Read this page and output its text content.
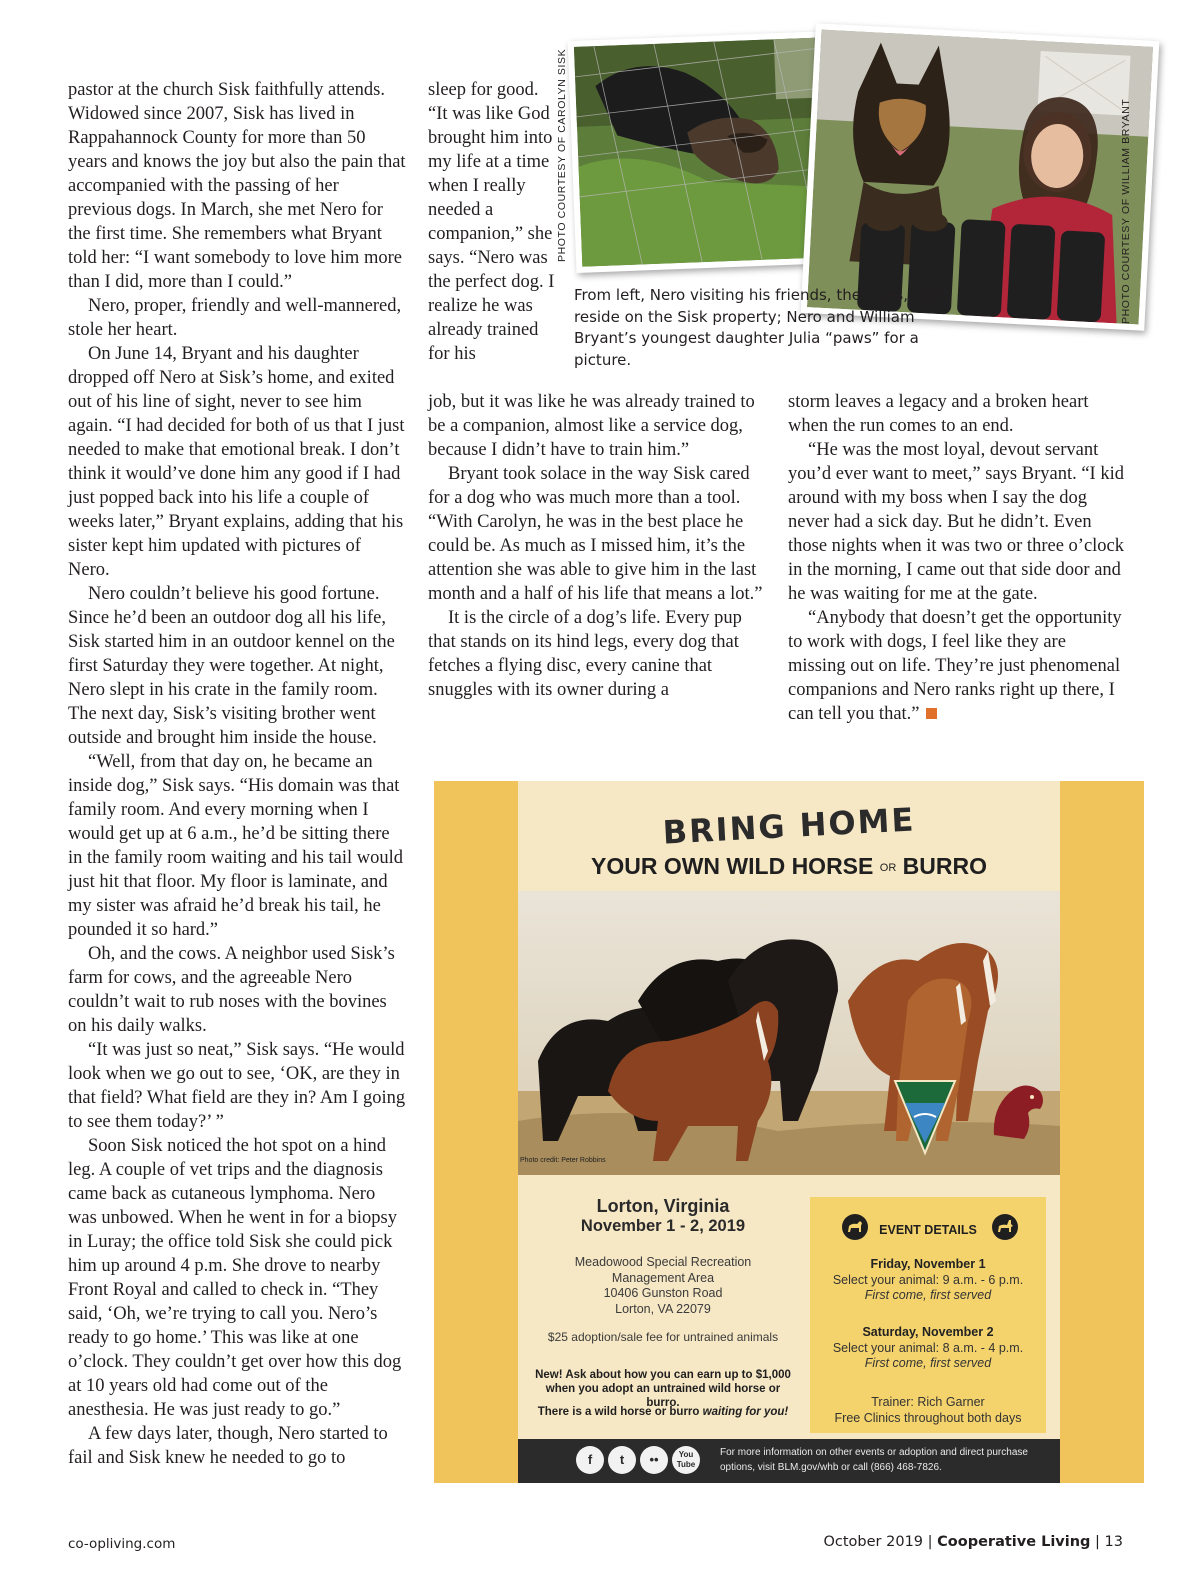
pastor at the church Sisk faithfully attends. Widowed since 2007, Sisk has lived in Rappahannock County for more than 50 years and knows the joy but also the pain that accompanied with the passing of her previous dogs. In March, she met Nero for the first time. She remembers what Bryant told her: “I want somebody to love him more than I did, more than I could.”

Nero, proper, friendly and well-mannered, stole her heart.

On June 14, Bryant and his daughter dropped off Nero at Sisk’s home, and exited out of his line of sight, never to see him again. “I had decided for both of us that I just needed to make that emotional break. I don’t think it would’ve done him any good if I had just popped back into his life a couple of weeks later,” Bryant explains, adding that his sister kept him updated with pictures of Nero.

Nero couldn’t believe his good fortune. Since he’d been an outdoor dog all his life, Sisk started him in an outdoor kennel on the first Saturday they were together. At night, Nero slept in his crate in the family room. The next day, Sisk’s visiting brother went outside and brought him inside the house.

“Well, from that day on, he became an inside dog,” Sisk says. “His domain was that family room. And every morning when I would get up at 6 a.m., he’d be sitting there in the family room waiting and his tail would just hit that floor. My floor is laminate, and my sister was afraid he’d break his tail, he pounded it so hard.”

Oh, and the cows. A neighbor used Sisk’s farm for cows, and the agreeable Nero couldn’t wait to rub noses with the bovines on his daily walks.

“It was just so neat,” Sisk says. “He would look when we go out to see, ‘OK, are they in that field? What field are they in? Am I going to see them today?’ ”

Soon Sisk noticed the hot spot on a hind leg. A couple of vet trips and the diagnosis came back as cutaneous lymphoma. Nero was unbowed. When he went in for a biopsy in Luray; the office told Sisk she could pick him up around 4 p.m. She drove to nearby Front Royal and called to check in. “They said, ‘Oh, we’re trying to call you. Nero’s ready to go home.’ This was like at one o’clock. They couldn’t get over how this dog at 10 years old had come out of the anesthesia. He was just ready to go.”

A few days later, though, Nero started to fail and Sisk knew he needed to go to

sleep for good. “It was like God brought him into my life at a time when I really needed a companion,” she says. “Nero was the perfect dog. I realize he was already trained for his

job, but it was like he was already trained to be a companion, almost like a service dog, because I didn’t have to train him.”

Bryant took solace in the way Sisk cared for a dog who was much more than a tool. “With Carolyn, he was in the best place he could be. As much as I missed him, it’s the attention she was able to give him in the last month and a half of his life that means a lot.”

It is the circle of a dog’s life. Every pup that stands on its hind legs, every dog that fetches a flying disc, every canine that snuggles with its owner during a

storm leaves a legacy and a broken heart when the run comes to an end.

“He was the most loyal, devout servant you’d ever want to meet,” says Bryant. “I kid around with my boss when I say the dog never had a sick day. But he didn’t. Even those nights when it was two or three o’clock in the morning, I came out that side door and he was waiting for me at the gate.

“Anybody that doesn’t get the opportunity to work with dogs, I feel like they are missing out on life. They’re just phenomenal companions and Nero ranks right up there, I can tell you that.”

PHOTO COURTESY OF CAROLYN SISK	PHOTO COURTESY OF WILLIAM BRYANT
From left, Nero visiting his friends, the cows, that reside on the Sisk property; Nero and William Bryant’s youngest daughter Julia “paws” for a picture.
BRING HOME
YOUR OWN WILD HORSE OR BURRO
Photo credit: Peter Robbins
Lorton, Virginia
November 1 - 2, 2019
Meadowood Special Recreation
Management Area
10406 Gunston Road
Lorton, VA 22079
$25 adoption/sale fee for untrained animals
New! Ask about how you can earn up to $1,000
when you adopt an untrained wild horse or burro.
There is a wild horse or burro waiting for you!
EVENT DETAILS
Friday, November 1
Select your animal: 9 a.m. - 6 p.m.
First come, first served
Saturday, November 2
Select your animal: 8 a.m. - 4 p.m.
First come, first served
Trainer: Rich Garner
Free Clinics throughout both days
f	t	••	You Tube
For more information on other events or adoption and direct purchase options, visit BLM.gov/whb or call (866) 468-7826.
co-opliving.com	October 2019 | Cooperative Living | 13
